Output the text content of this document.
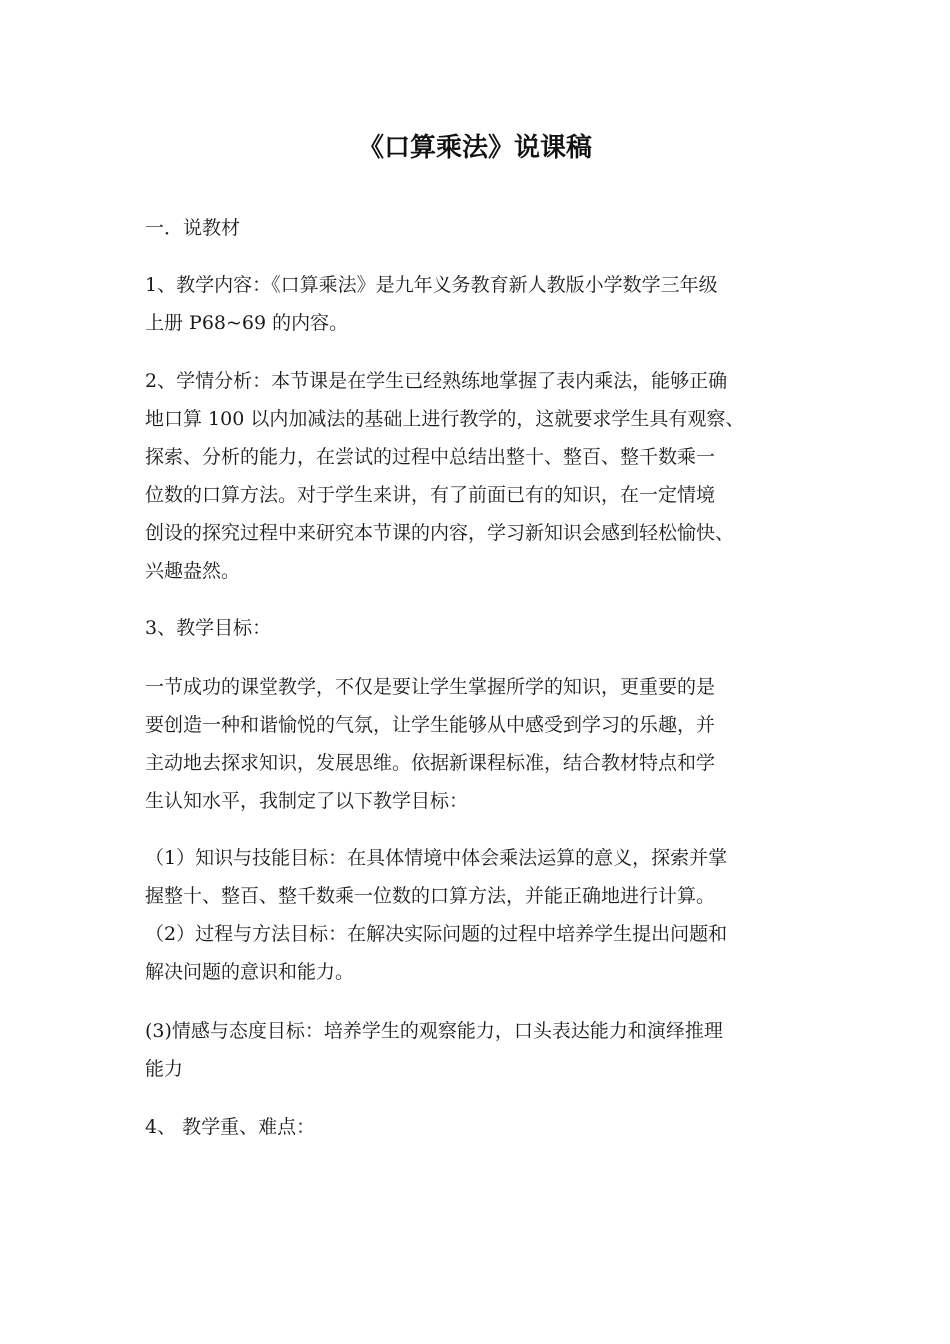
《口算乘法》说课稿

一．说教材

1、教学内容：《口算乘法》是九年义务教育新人教版小学数学三年级
上册 P68~69 的内容。

2、学情分析：本节课是在学生已经熟练地掌握了表内乘法，能够正确
地口算 100 以内加减法的基础上进行教学的，这就要求学生具有观察、
探索、分析的能力，在尝试的过程中总结出整十、整百、整千数乘一
位数的口算方法。对于学生来讲，有了前面已有的知识，在一定情境
创设的探究过程中来研究本节课的内容，学习新知识会感到轻松愉快、
兴趣盎然。

3、教学目标：

一节成功的课堂教学，不仅是要让学生掌握所学的知识，更重要的是
要创造一种和谐愉悦的气氛，让学生能够从中感受到学习的乐趣，并
主动地去探求知识，发展思维。依据新课程标准，结合教材特点和学
生认知水平，我制定了以下教学目标：

（1）知识与技能目标：在具体情境中体会乘法运算的意义，探索并掌
握整十、整百、整千数乘一位数的口算方法，并能正确地进行计算。
（2）过程与方法目标：在解决实际问题的过程中培养学生提出问题和
解决问题的意识和能力。

(3)情感与态度目标：培养学生的观察能力，口头表达能力和演绎推理
能力

4、 教学重、难点：
